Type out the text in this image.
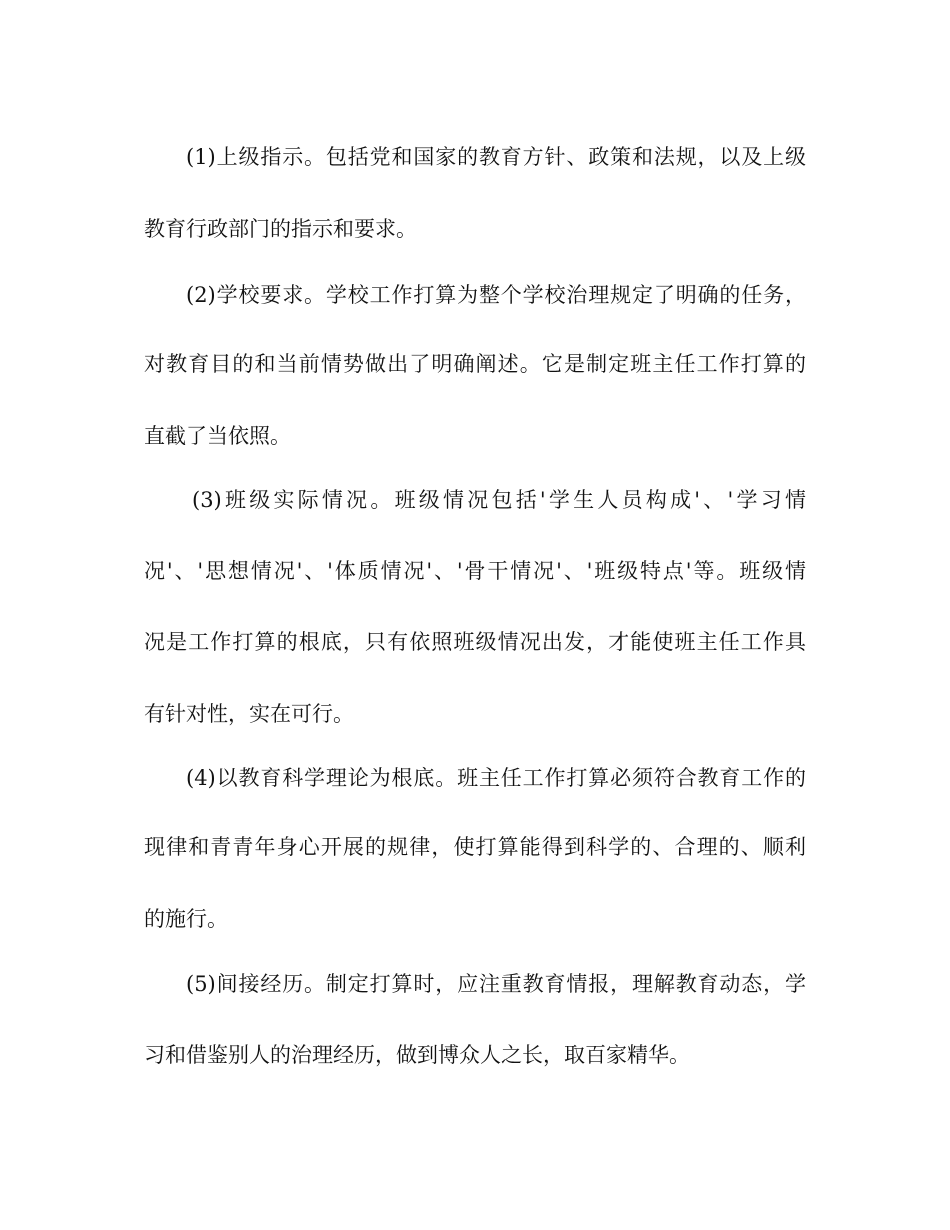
(1)上级指示。包括党和国家的教育方针、政策和法规，以及上级
教育行政部门的指示和要求。
(2)学校要求。学校工作打算为整个学校治理规定了明确的任务，
对教育目的和当前情势做出了明确阐述。它是制定班主任工作打算的
直截了当依照。
(3)班级实际情况。班级情况包括'学生人员构成'、'学习情
况'、'思想情况'、'体质情况'、'骨干情况'、'班级特点'等。班级情
况是工作打算的根底，只有依照班级情况出发，才能使班主任工作具
有针对性，实在可行。
(4)以教育科学理论为根底。班主任工作打算必须符合教育工作的
现律和青青年身心开展的规律，使打算能得到科学的、合理的、顺利
的施行。
(5)间接经历。制定打算时，应注重教育情报，理解教育动态，学
习和借鉴别人的治理经历，做到博众人之长，取百家精华。
